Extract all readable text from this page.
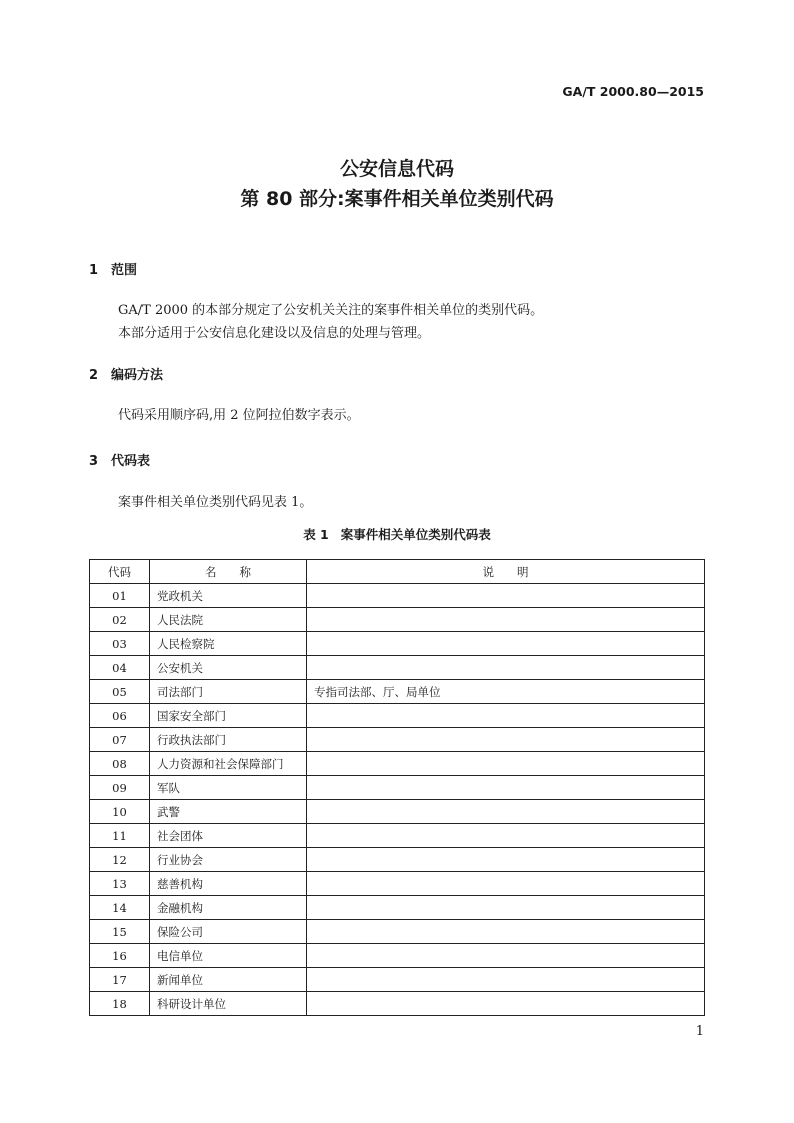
GA/T 2000.80—2015
公安信息代码
第 80 部分:案事件相关单位类别代码
1 范围
GA/T 2000 的本部分规定了公安机关关注的案事件相关单位的类别代码。
本部分适用于公安信息化建设以及信息的处理与管理。
2 编码方法
代码采用顺序码,用 2 位阿拉伯数字表示。
3 代码表
案事件相关单位类别代码见表 1。
表 1 案事件相关单位类别代码表
代码	名　　称	说　　明
01	党政机关	
02	人民法院	
03	人民检察院	
04	公安机关	
05	司法部门	专指司法部、厅、局单位
06	国家安全部门	
07	行政执法部门	
08	人力资源和社会保障部门	
09	军队	
10	武警	
11	社会团体	
12	行业协会	
13	慈善机构	
14	金融机构	
15	保险公司	
16	电信单位	
17	新闻单位	
18	科研设计单位	
1
